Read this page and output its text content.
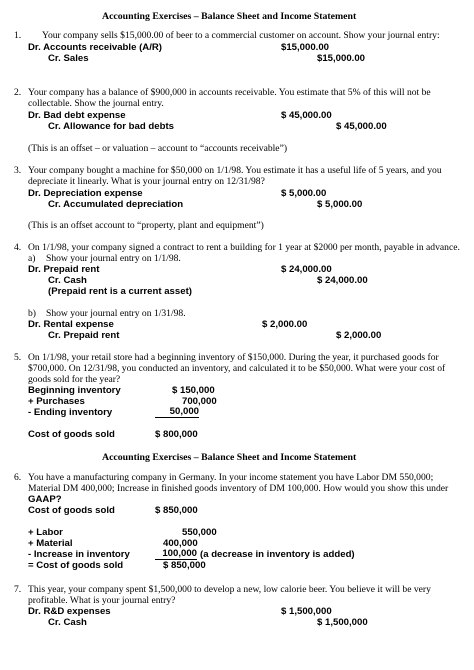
Accounting Exercises – Balance Sheet and Income Statement
1. Your company sells $15,000.00 of beer to a commercial customer on account. Show your journal entry:
Dr. Accounts receivable (A/R)	$15,000.00
Cr. Sales	$15,000.00
2. Your company has a balance of $900,000 in accounts receivable. You estimate that 5% of this will not be
collectable. Show the journal entry.
Dr. Bad debt expense	$ 45,000.00
Cr. Allowance for bad debts	$ 45,000.00
(This is an offset – or valuation – account to “accounts receivable”)
3. Your company bought a machine for $50,000 on 1/1/98. You estimate it has a useful life of 5 years, and you
depreciate it linearly. What is your journal entry on 12/31/98?
Dr. Depreciation expense	$ 5,000.00
Cr. Accumulated depreciation	$ 5,000.00
(This is an offset account to “property, plant and equipment”)
4. On 1/1/98, your company signed a contract to rent a building for 1 year at $2000 per month, payable in advance.
a) Show your journal entry on 1/1/98.
Dr. Prepaid rent	$ 24,000.00
Cr. Cash	$ 24,000.00
(Prepaid rent is a current asset)
b) Show your journal entry on 1/31/98.
Dr. Rental expense	$ 2,000.00
Cr. Prepaid rent	$ 2,000.00
5. On 1/1/98, your retail store had a beginning inventory of $150,000. During the year, it purchased goods for
$700,000. On 12/31/98, you conducted an inventory, and calculated it to be $50,000. What were your cost of
goods sold for the year?
Beginning inventory	$ 150,000
+ Purchases	700,000
- Ending inventory	50,000
Cost of goods sold	$ 800,000
Accounting Exercises – Balance Sheet and Income Statement
6. You have a manufacturing company in Germany. In your income statement you have Labor DM 550,000;
Material DM 400,000; Increase in finished goods inventory of DM 100,000. How would you show this under
GAAP?
Cost of goods sold	$ 850,000
+ Labor	550,000
+ Material	400,000
- Increase in inventory	100,000 (a decrease in inventory is added)
= Cost of goods sold	$ 850,000
7. This year, your company spent $1,500,000 to develop a new, low calorie beer. You believe it will be very
profitable. What is your journal entry?
Dr. R&D expenses	$ 1,500,000
Cr. Cash	$ 1,500,000
